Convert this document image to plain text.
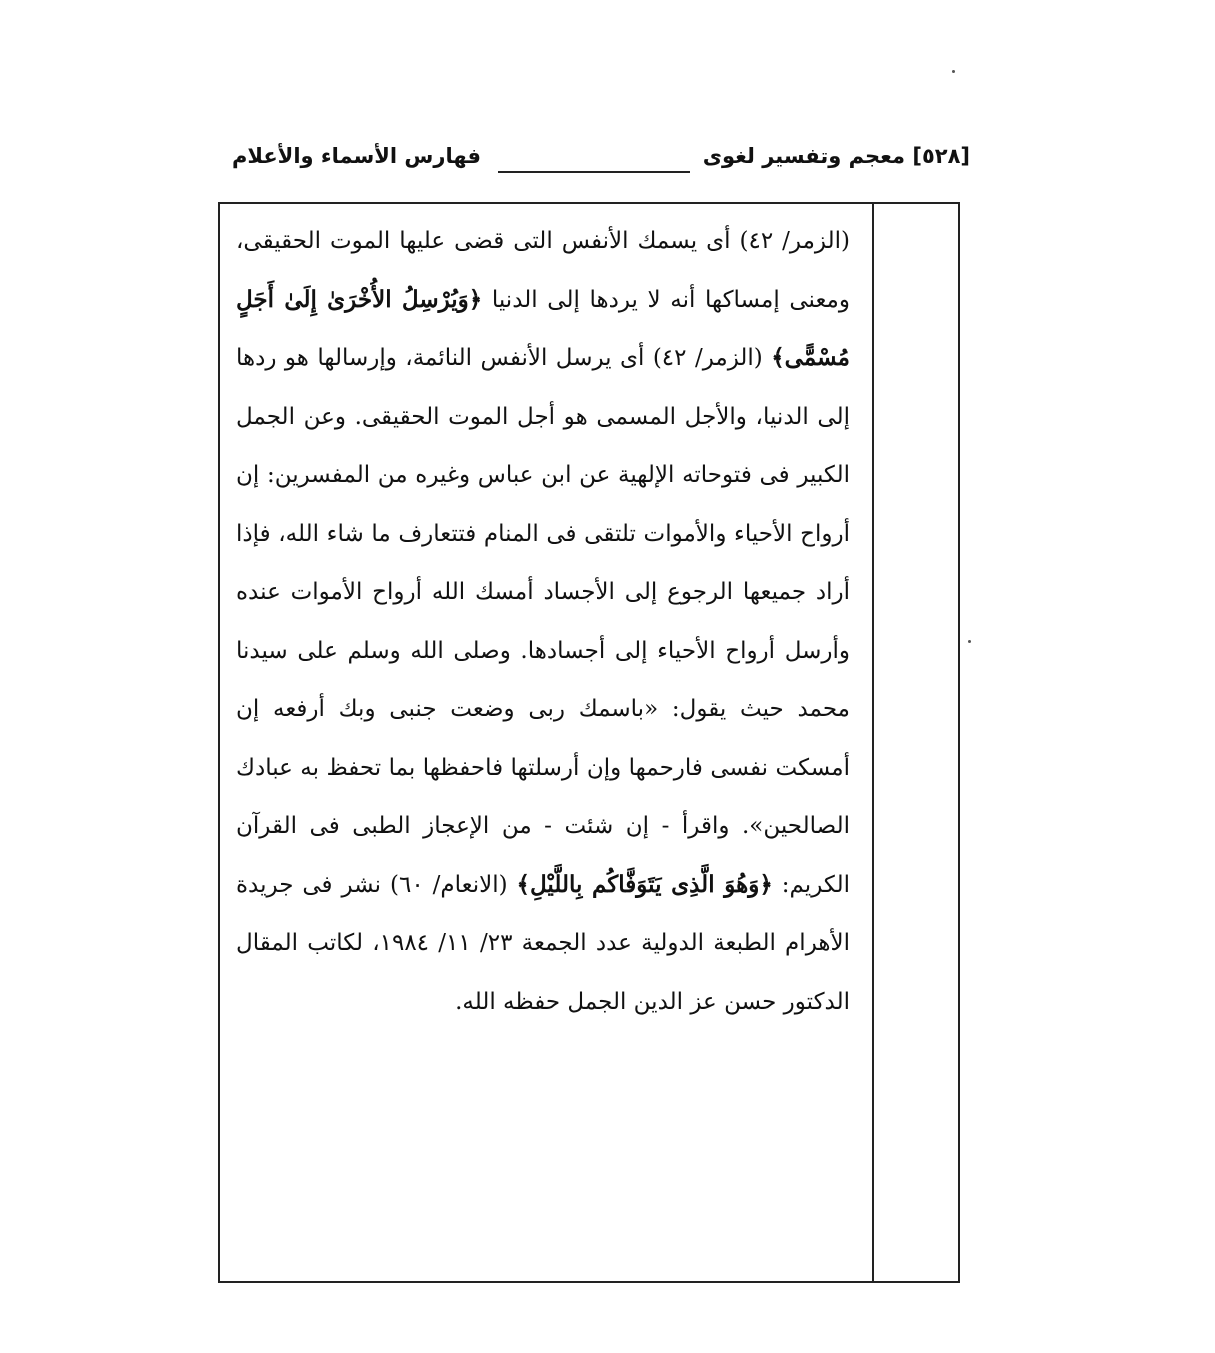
[٥٢٨] معجم وتفسير لغوى
فهارس الأسماء والأعلام

(الزمر/ ٤٢) أى يسمك الأنفس التى قضى عليها الموت الحقيقى، ومعنى إمساكها أنه لا يردها إلى الدنيا ﴿وَيُرْسِلُ الأُخْرَىٰ إِلَىٰ أَجَلٍ مُسْمًّى﴾ (الزمر/ ٤٢) أى يرسل الأنفس النائمة، وإرسالها هو ردها إلى الدنيا، والأجل المسمى هو أجل الموت الحقيقى. وعن الجمل الكبير فى فتوحاته الإلهية عن ابن عباس وغيره من المفسرين: إن أرواح الأحياء والأموات تلتقى فى المنام فتتعارف ما شاء الله، فإذا أراد جميعها الرجوع إلى الأجساد أمسك الله أرواح الأموات عنده وأرسل أرواح الأحياء إلى أجسادها. وصلى الله وسلم على سيدنا محمد حيث يقول: «باسمك ربى وضعت جنبى وبك أرفعه إن أمسكت نفسى فارحمها وإن أرسلتها فاحفظها بما تحفظ به عبادك الصالحين». واقرأ - إن شئت - من الإعجاز الطبى فى القرآن الكريم: ﴿وَهُوَ الَّذِى يَتَوَفَّاكُم بِاللَّيْلِ﴾ (الانعام/ ٦٠) نشر فى جريدة الأهرام الطبعة الدولية عدد الجمعة ٢٣/ ١١/ ١٩٨٤، لكاتب المقال الدكتور حسن عز الدين الجمل حفظه الله.
